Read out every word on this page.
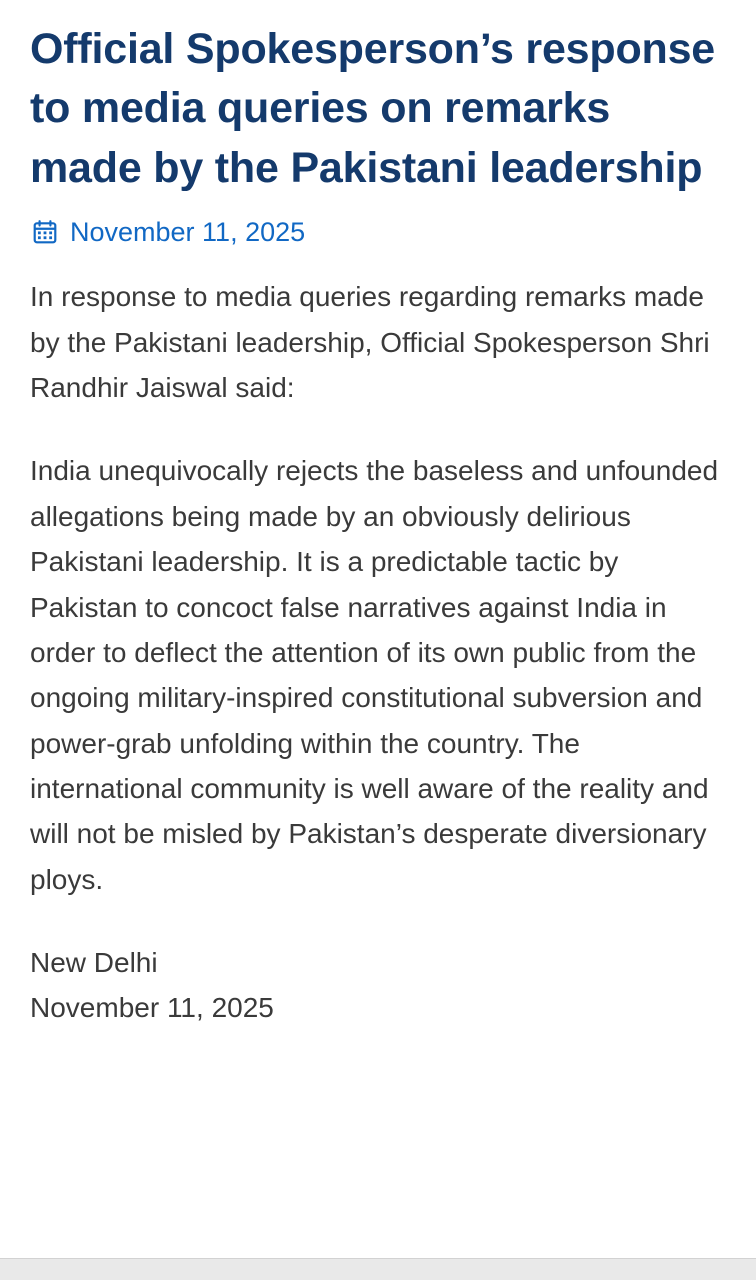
Official Spokesperson’s response to media queries on remarks made by the Pakistani leadership
November 11, 2025

In response to media queries regarding remarks made by the Pakistani leadership, Official Spokesperson Shri Randhir Jaiswal said:

India unequivocally rejects the baseless and unfounded allegations being made by an obviously delirious Pakistani leadership. It is a predictable tactic by Pakistan to concoct false narratives against India in order to deflect the attention of its own public from the ongoing military-inspired constitutional subversion and power-grab unfolding within the country. The international community is well aware of the reality and will not be misled by Pakistan’s desperate diversionary ploys.

New Delhi
November 11, 2025
